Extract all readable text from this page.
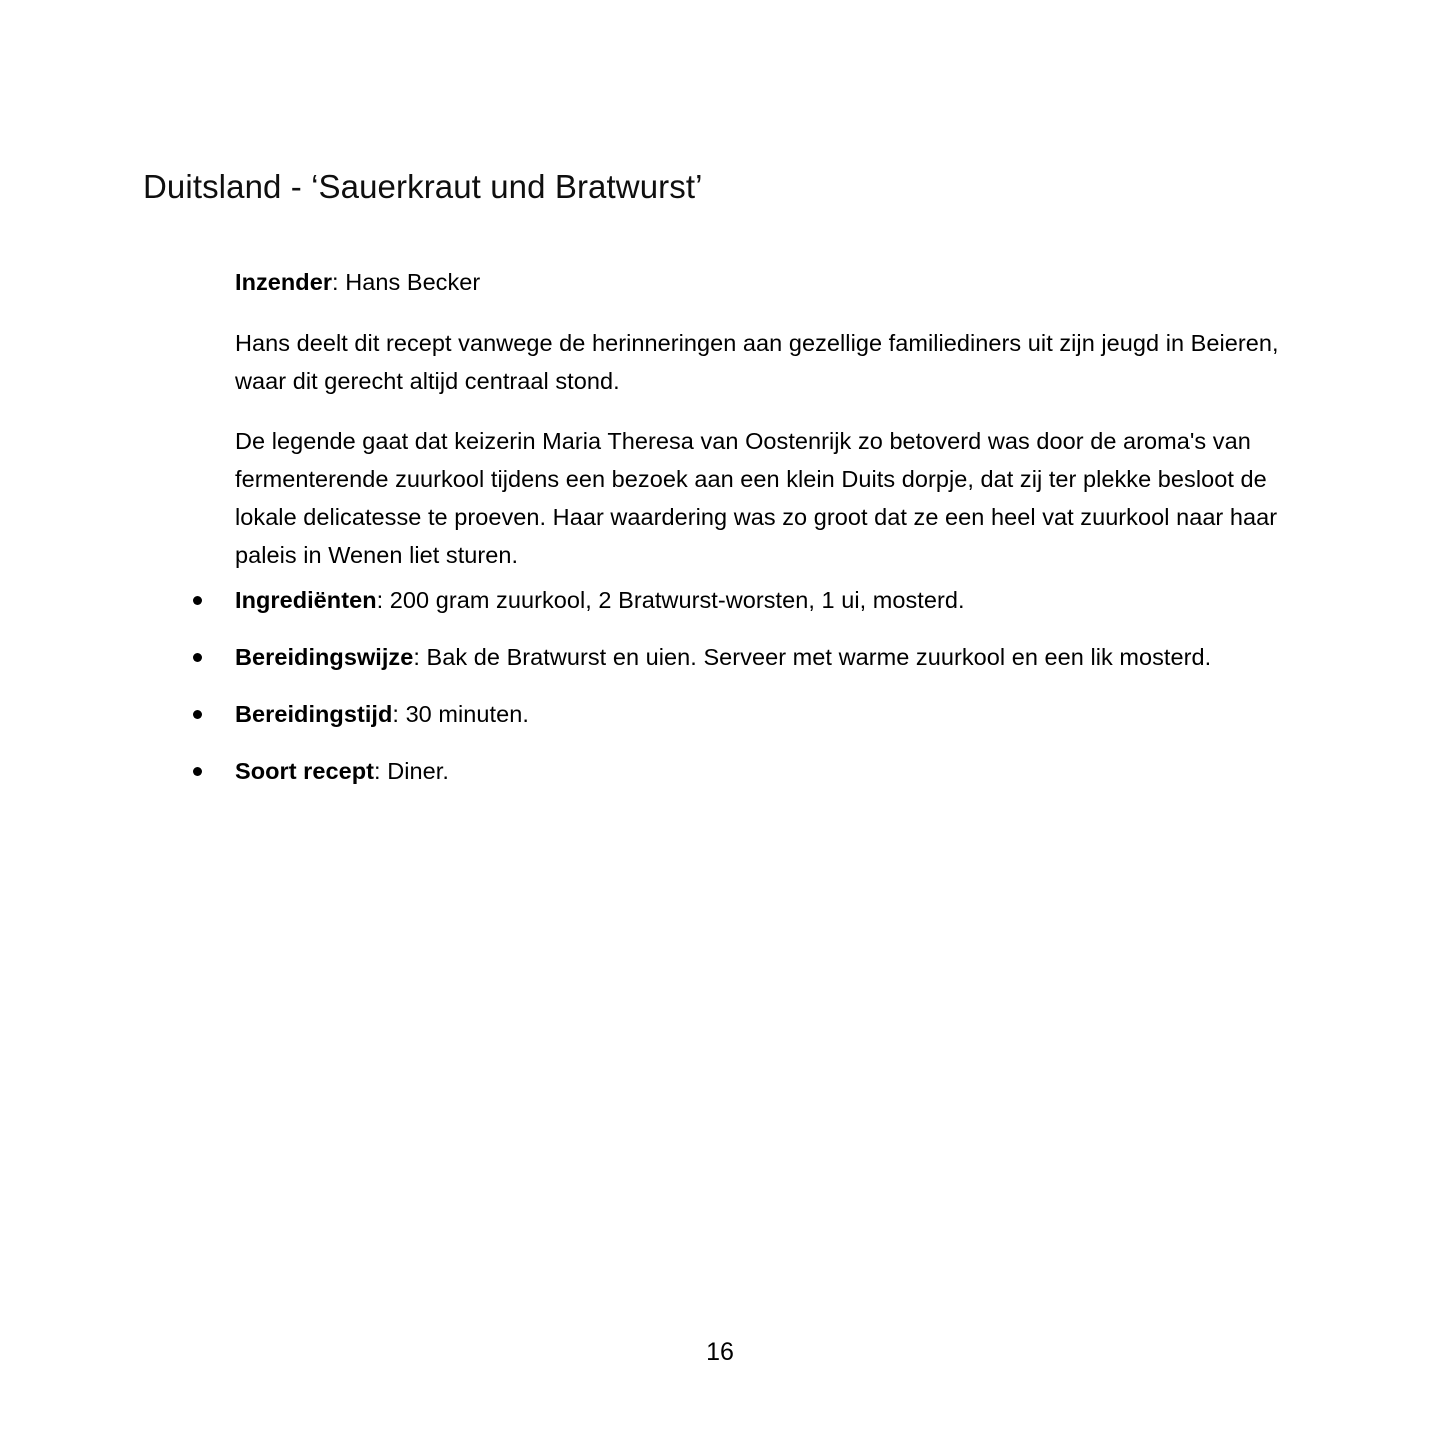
Duitsland - ‘Sauerkraut und Bratwurst’

Inzender: Hans Becker

Hans deelt dit recept vanwege de herinneringen aan gezellige familiediners uit zijn jeugd in Beieren, waar dit gerecht altijd centraal stond.

De legende gaat dat keizerin Maria Theresa van Oostenrijk zo betoverd was door de aroma's van fermenterende zuurkool tijdens een bezoek aan een klein Duits dorpje, dat zij ter plekke besloot de lokale delicatesse te proeven. Haar waardering was zo groot dat ze een heel vat zuurkool naar haar paleis in Wenen liet sturen.

Ingrediënten: 200 gram zuurkool, 2 Bratwurst-worsten, 1 ui, mosterd.
Bereidingswijze: Bak de Bratwurst en uien. Serveer met warme zuurkool en een lik mosterd.
Bereidingstijd: 30 minuten.
Soort recept: Diner.
16
